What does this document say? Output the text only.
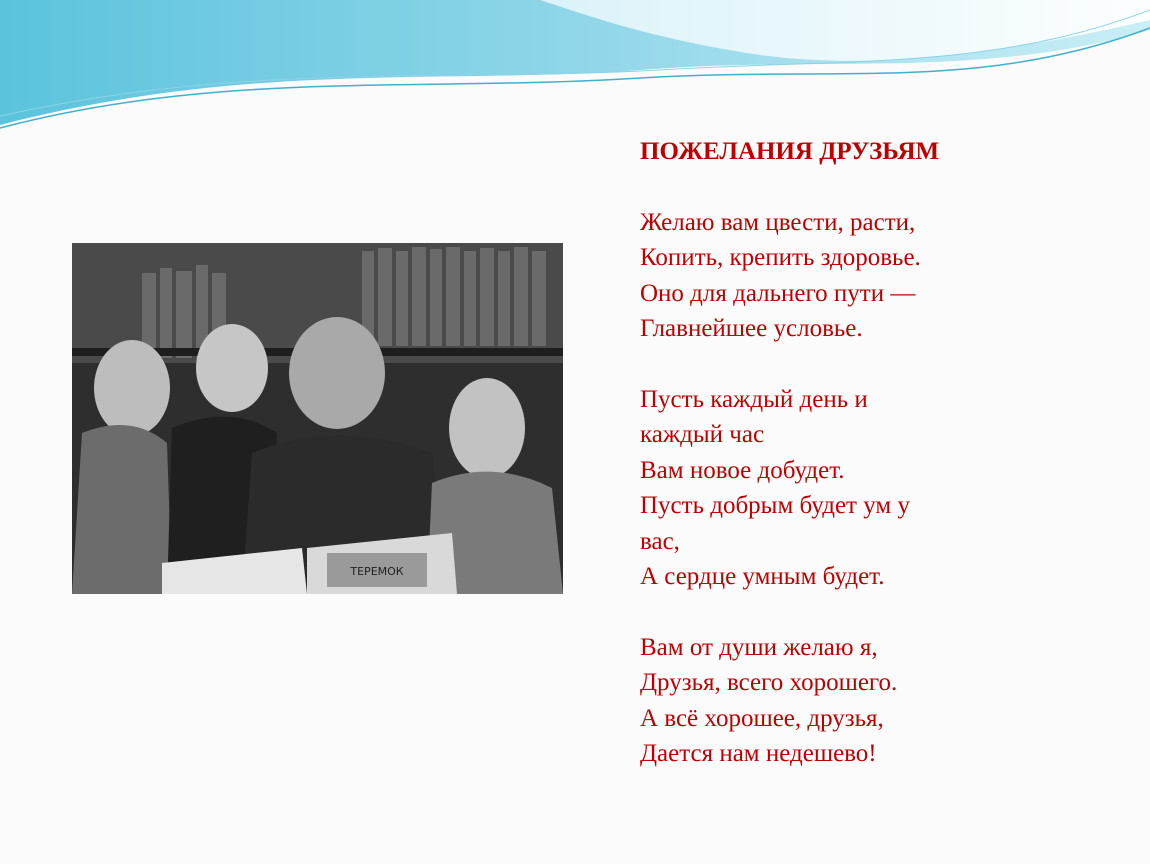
ТЕРЕМОК
ПОЖЕЛАНИЯ ДРУЗЬЯМ
Желаю вам цвести, расти,
Копить, крепить здоровье.
Оно для дальнего пути —
Главнейшее условье.
Пусть каждый день и
каждый час
Вам новое добудет.
Пусть добрым будет ум у
вас,
А сердце умным будет.
Вам от души желаю я,
Друзья, всего хорошего.
А всё хорошее, друзья,
Дается нам недешево!
